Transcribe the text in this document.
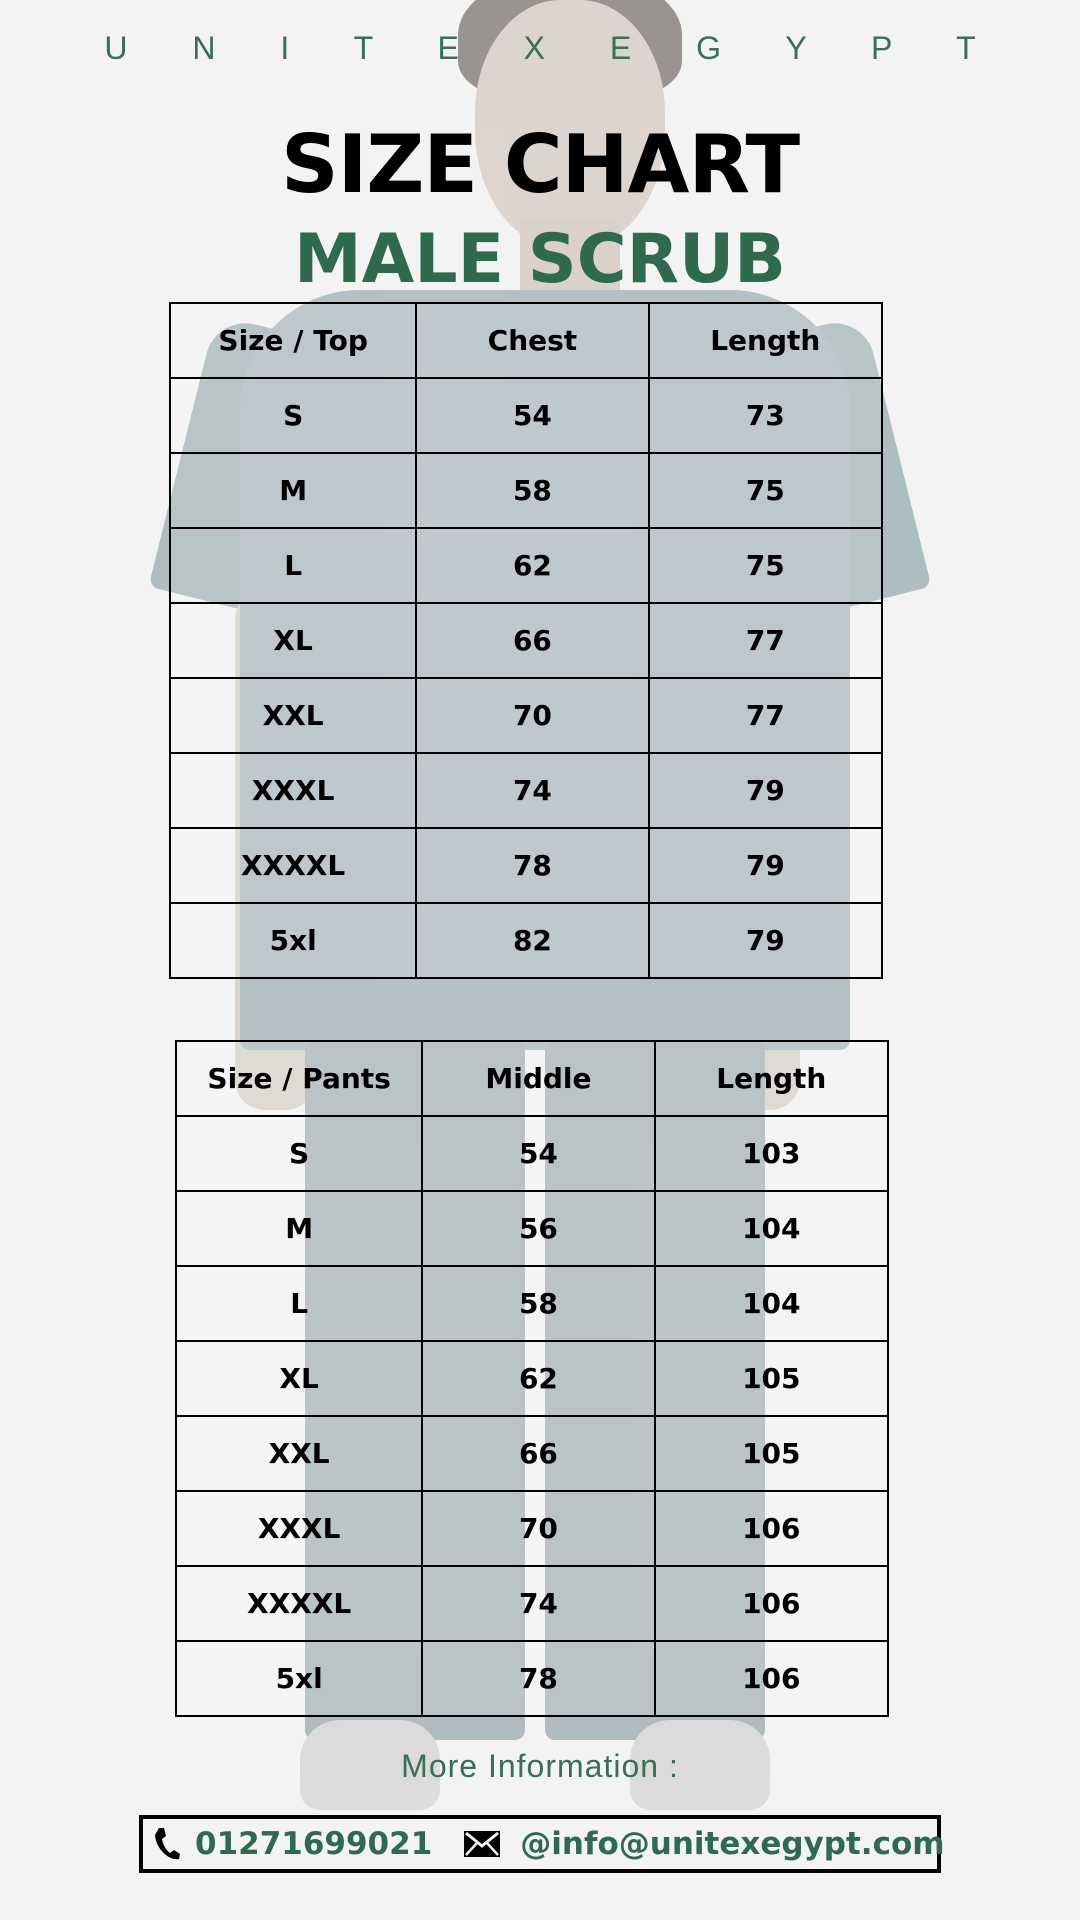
U N I T E X E G Y P T
SIZE CHART
MALE SCRUB
Size / Top	Chest	Length
S	54	73
M	58	75
L	62	75
XL	66	77
XXL	70	77
XXXL	74	79
XXXXL	78	79
5xl	82	79
Size / Pants	Middle	Length
S	54	103
M	56	104
L	58	104
XL	62	105
XXL	66	105
XXXL	70	106
XXXXL	74	106
5xl	78	106
More Information :
01271699021	@info@unitexegypt.com
